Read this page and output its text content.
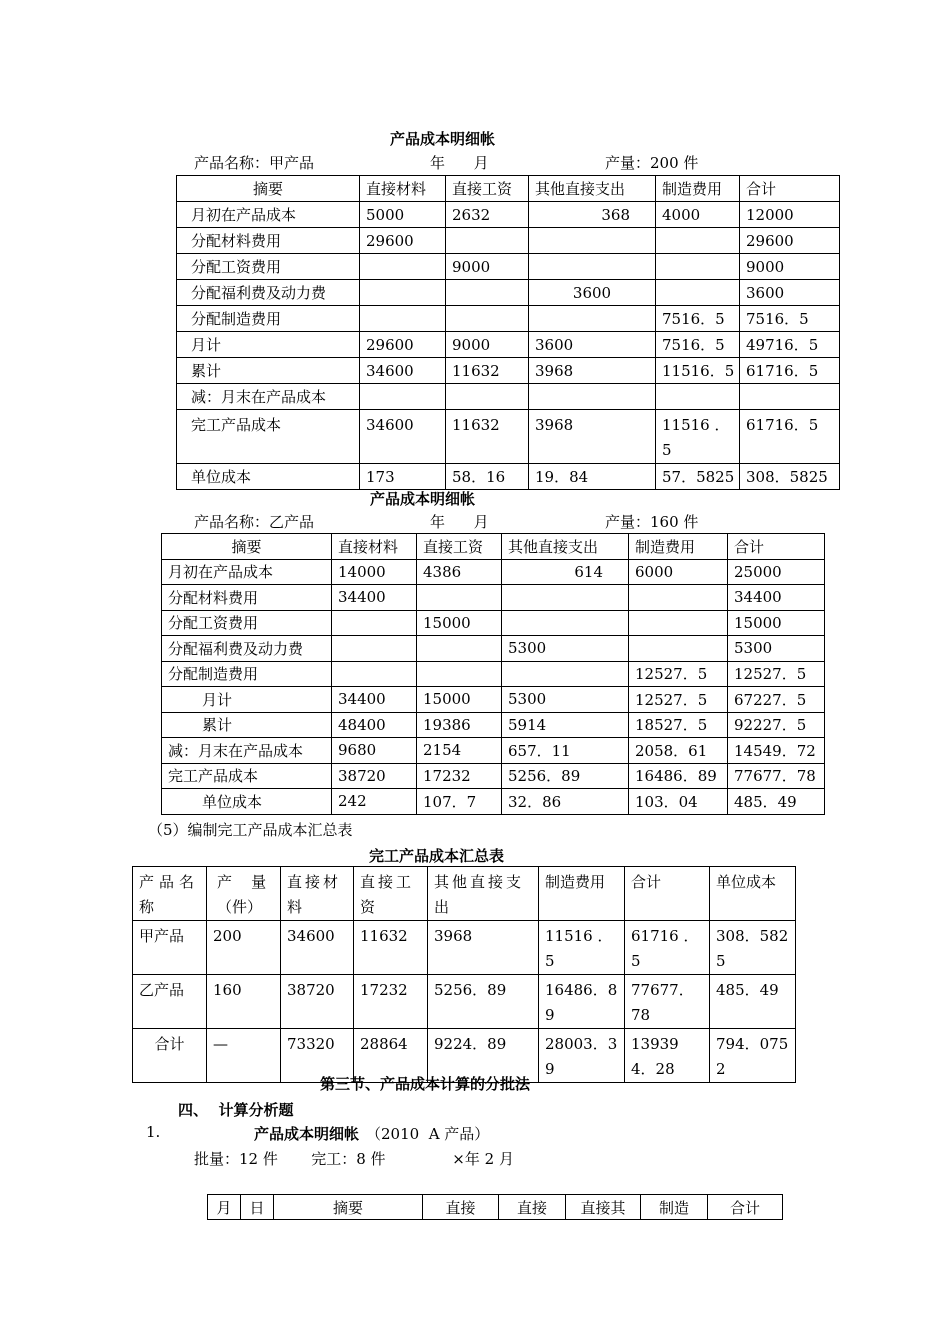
产品成本明细帐
产品名称：甲产品	年      月	产量：200 件
摘要	直接材料	直接工资	其他直接支出	制造费用	合计
月初在产品成本	5000	2632	368	4000	12000
分配材料费用	29600				29600
分配工资费用		9000			9000
分配福利费及动力费			3600		3600
分配制造费用				7516．5	7516．5
月计	29600	9000	3600	7516．5	49716．5
累计	34600	11632	3968	11516．5	61716．5
减：月末在产品成本					
完工产品成本	34600	11632	3968	11516 ．5	61716．5
单位成本	173	58．16	19．84	57．5825	308．5825
产品成本明细帐
产品名称：乙产品	年      月	产量：160 件
摘要	直接材料	直接工资	其他直接支出	制造费用	合计
月初在产品成本	14000	4386	614	6000	25000
分配材料费用	34400				34400
分配工资费用		15000			15000
分配福利费及动力费			5300		5300
分配制造费用				12527．5	12527．5
月计	34400	15000	5300	12527．5	67227．5
累计	48400	19386	5914	18527．5	92227．5
减：月末在产品成本	9680	2154	657．11	2058．61	14549．72
完工产品成本	38720	17232	5256．89	16486．89	77677．78
单位成本	242	107．7	32．86	103．04	485．49
（5）编制完工产品成本汇总表
完工产品成本汇总表
产品名称	产    量（件）	直接材料	直接工资	其他直接支出	制造费用	合计	单位成本
甲产品	200	34600	11632	3968	11516 ．5	61716 ．5	308．5825
乙产品	160	38720	17232	5256．89	16486．89	77677．78	485．49
合计	—	73320	28864	9224．89	28003．39	139394．28	794．0752
第三节、产品成本计算的分批法
四、  计算分析题
1.	产品成本明细帐 （2010  A 产品）
批量：12 件       完工：8 件              ×年 2 月
月	日	摘要	直接	直接	直接其	制造	合计
